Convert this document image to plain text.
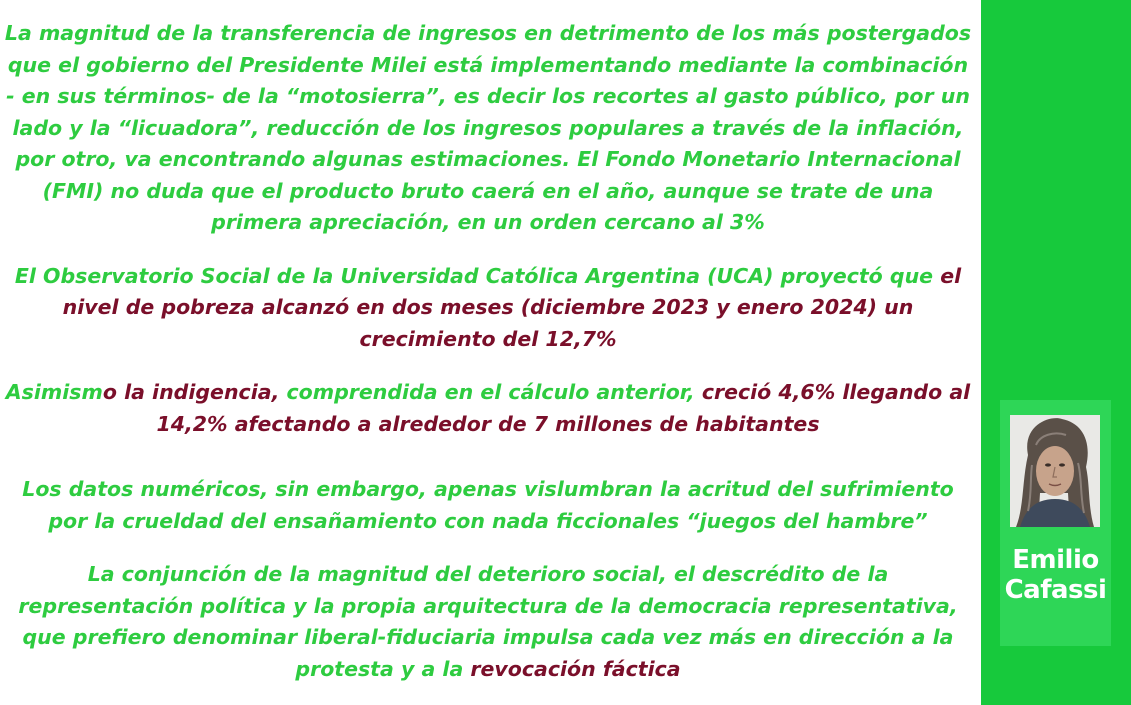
La magnitud de la transferencia de ingresos en detrimento de los más postergados que el gobierno del Presidente Milei está implementando mediante la combinación - en sus términos- de la “motosierra”, es decir los recortes al gasto público, por un lado y la “licuadora”, reducción de los ingresos populares a través de la inflación, por otro, va encontrando algunas estimaciones. El Fondo Monetario Internacional (FMI) no duda que el producto bruto caerá en el año, aunque se trate de una primera apreciación, en un orden cercano al 3%

El Observatorio Social de la Universidad Católica Argentina (UCA) proyectó que el nivel de pobreza alcanzó en dos meses (diciembre 2023 y enero 2024) un crecimiento del 12,7%

Asimismo la indigencia, comprendida en el cálculo anterior, creció 4,6% llegando al 14,2% afectando a alrededor de 7 millones de habitantes

Los datos numéricos, sin embargo, apenas vislumbran la acritud del sufrimiento por la crueldad del ensañamiento con nada ficcionales “juegos del hambre”

La conjunción de la magnitud del deterioro social, el descrédito de la representación política y la propia arquitectura de la democracia representativa, que prefiero denominar liberal-fiduciaria impulsa cada vez más en dirección a la protesta y a la revocación fáctica

Emilio
Cafassi
